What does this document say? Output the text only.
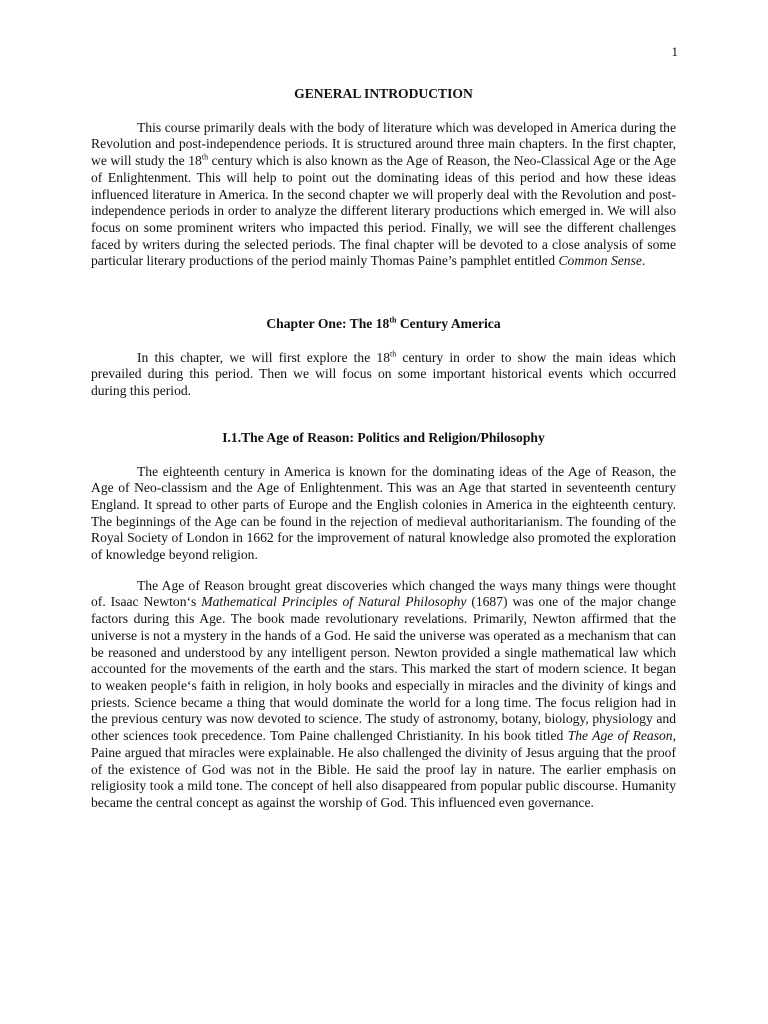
1

GENERAL INTRODUCTION

This course primarily deals with the body of literature which was developed in America during the Revolution and post-independence periods. It is structured around three main chapters. In the first chapter, we will study the 18th century which is also known as the Age of Reason, the Neo-Classical Age or the Age of Enlightenment. This will help to point out the dominating ideas of this period and how these ideas influenced literature in America. In the second chapter we will properly deal with the Revolution and post-independence periods in order to analyze the different literary productions which emerged in. We will also focus on some prominent writers who impacted this period. Finally, we will see the different challenges faced by writers during the selected periods. The final chapter will be devoted to a close analysis of some particular literary productions of the period mainly Thomas Paine’s pamphlet entitled Common Sense.

Chapter One: The 18th Century America

In this chapter, we will first explore the 18th century in order to show the main ideas which prevailed during this period. Then we will focus on some important historical events which occurred during this period.

I.1.The Age of Reason: Politics and Religion/Philosophy

The eighteenth century in America is known for the dominating ideas of the Age of Reason, the Age of Neo-classism and the Age of Enlightenment. This was an Age that started in seventeenth century England. It spread to other parts of Europe and the English colonies in America in the eighteenth century. The beginnings of the Age can be found in the rejection of medieval authoritarianism. The founding of the Royal Society of London in 1662 for the improvement of natural knowledge also promoted the exploration of knowledge beyond religion.

The Age of Reason brought great discoveries which changed the ways many things were thought of. Isaac Newton‘s Mathematical Principles of Natural Philosophy (1687) was one of the major change factors during this Age. The book made revolutionary revelations. Primarily, Newton affirmed that the universe is not a mystery in the hands of a God. He said the universe was operated as a mechanism that can be reasoned and understood by any intelligent person. Newton provided a single mathematical law which accounted for the movements of the earth and the stars. This marked the start of modern science. It began to weaken people‘s faith in religion, in holy books and especially in miracles and the divinity of kings and priests. Science became a thing that would dominate the world for a long time. The focus religion had in the previous century was now devoted to science. The study of astronomy, botany, biology, physiology and other sciences took precedence. Tom Paine challenged Christianity. In his book titled The Age of Reason, Paine argued that miracles were explainable. He also challenged the divinity of Jesus arguing that the proof of the existence of God was not in the Bible. He said the proof lay in nature. The earlier emphasis on religiosity took a mild tone. The concept of hell also disappeared from popular public discourse. Humanity became the central concept as against the worship of God. This influenced even governance.
